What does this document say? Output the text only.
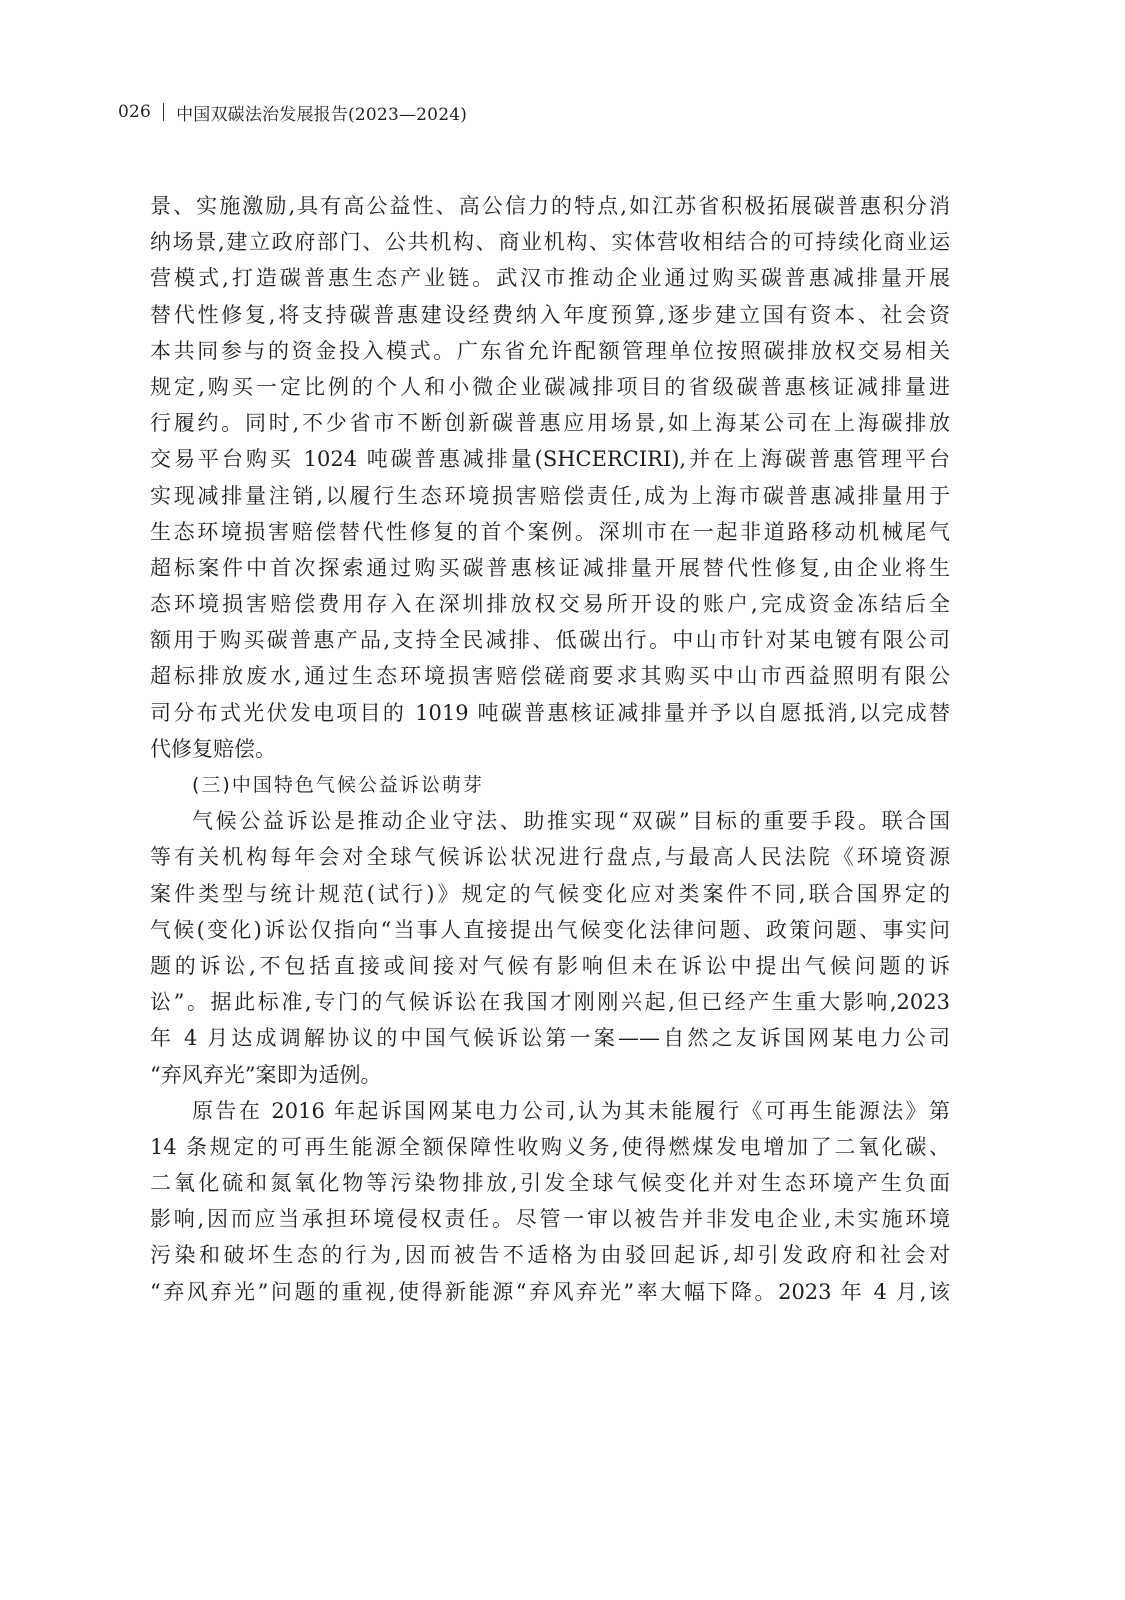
026 中国双碳法治发展报告(2023—2024)
景、实施激励,具有高公益性、高公信力的特点,如江苏省积极拓展碳普惠积分消
纳场景,建立政府部门、公共机构、商业机构、实体营收相结合的可持续化商业运
营模式,打造碳普惠生态产业链。武汉市推动企业通过购买碳普惠减排量开展
替代性修复,将支持碳普惠建设经费纳入年度预算,逐步建立国有资本、社会资
本共同参与的资金投入模式。广东省允许配额管理单位按照碳排放权交易相关
规定,购买一定比例的个人和小微企业碳减排项目的省级碳普惠核证减排量进
行履约。同时,不少省市不断创新碳普惠应用场景,如上海某公司在上海碳排放
交易平台购买 1024 吨碳普惠减排量(SHCERCIRI),并在上海碳普惠管理平台
实现减排量注销,以履行生态环境损害赔偿责任,成为上海市碳普惠减排量用于
生态环境损害赔偿替代性修复的首个案例。深圳市在一起非道路移动机械尾气
超标案件中首次探索通过购买碳普惠核证减排量开展替代性修复,由企业将生
态环境损害赔偿费用存入在深圳排放权交易所开设的账户,完成资金冻结后全
额用于购买碳普惠产品,支持全民减排、低碳出行。中山市针对某电镀有限公司
超标排放废水,通过生态环境损害赔偿磋商要求其购买中山市西益照明有限公
司分布式光伏发电项目的 1019 吨碳普惠核证减排量并予以自愿抵消,以完成替
代修复赔偿。
(三)中国特色气候公益诉讼萌芽
气候公益诉讼是推动企业守法、助推实现“双碳”目标的重要手段。联合国
等有关机构每年会对全球气候诉讼状况进行盘点,与最高人民法院《环境资源
案件类型与统计规范(试行)》规定的气候变化应对类案件不同,联合国界定的
气候(变化)诉讼仅指向“当事人直接提出气候变化法律问题、政策问题、事实问
题的诉讼,不包括直接或间接对气候有影响但未在诉讼中提出气候问题的诉
讼”。据此标准,专门的气候诉讼在我国才刚刚兴起,但已经产生重大影响,2023
年 4 月达成调解协议的中国气候诉讼第一案——自然之友诉国网某电力公司
“弃风弃光”案即为适例。
原告在 2016 年起诉国网某电力公司,认为其未能履行《可再生能源法》第
14 条规定的可再生能源全额保障性收购义务,使得燃煤发电增加了二氧化碳、
二氧化硫和氮氧化物等污染物排放,引发全球气候变化并对生态环境产生负面
影响,因而应当承担环境侵权责任。尽管一审以被告并非发电企业,未实施环境
污染和破坏生态的行为,因而被告不适格为由驳回起诉,却引发政府和社会对
“弃风弃光”问题的重视,使得新能源“弃风弃光”率大幅下降。2023 年 4 月,该
